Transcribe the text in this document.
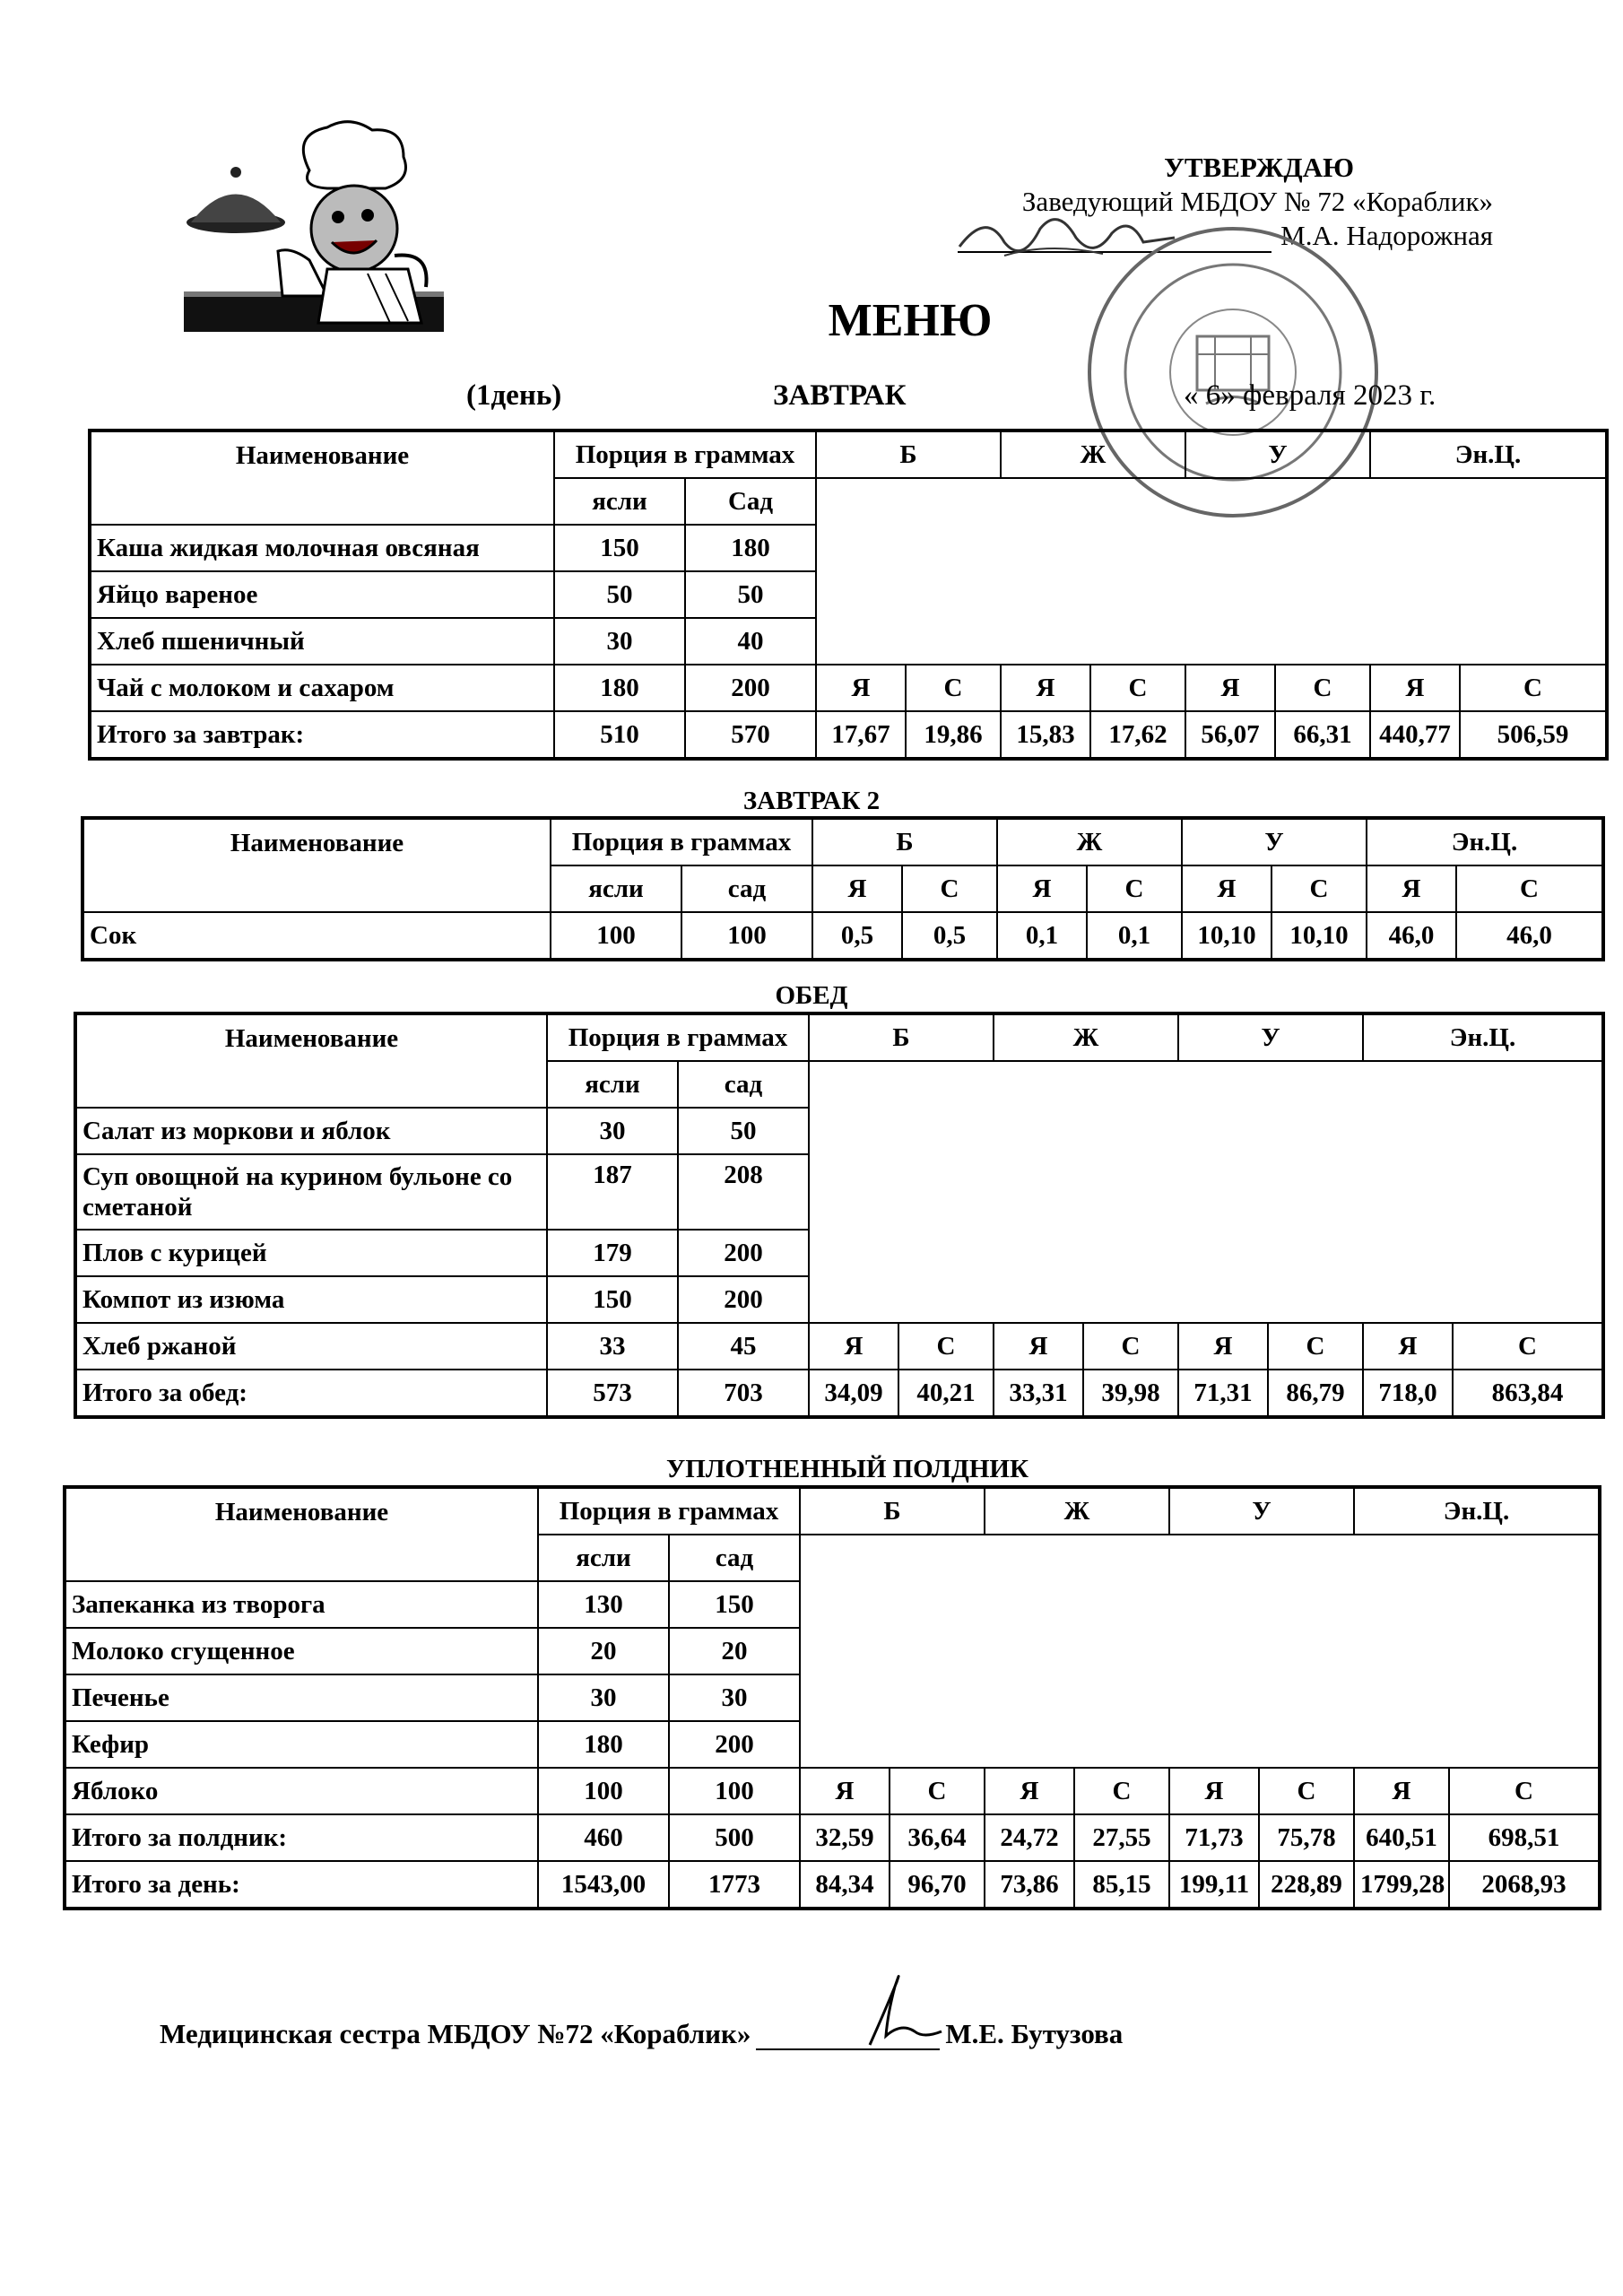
УТВЕРЖДАЮ
Заведующий МБДОУ № 72 «Кораблик»
М.А. Надорожная
МЕНЮ
(1день)	ЗАВТРАК	« 6» февраля 2023 г.
Наименование	Порция в граммах		Б		Ж		У		Эн.Ц.	
	ясли	Сад								
Каша жидкая молочная овсяная	150	180								
Яйцо вареное	50	50								
Хлеб пшеничный	30	40								
Чай с молоком и сахаром	180	200	Я	С	Я	С	Я	С	Я	С
Итого за завтрак:	510	570	17,67	19,86	15,83	17,62	56,07	66,31	440,77	506,59
ЗАВТРАК 2
Наименование	Порция в граммах		Б		Ж		У		Эн.Ц.	
	ясли	сад	Я	С	Я	С	Я	С	Я	С
Сок	100	100	0,5	0,5	0,1	0,1	10,10	10,10	46,0	46,0
ОБЕД
Наименование	Порция в граммах		Б		Ж		У		Эн.Ц.	
	ясли	сад								
Салат из моркови и яблок	30	50								
Суп овощной на курином бульоне со сметаной	187	208								
Плов с курицей	179	200								
Компот из изюма	150	200								
Хлеб ржаной	33	45	Я	С	Я	С	Я	С	Я	С
Итого за обед:	573	703	34,09	40,21	33,31	39,98	71,31	86,79	718,0	863,84
УПЛОТНЕННЫЙ ПОЛДНИК
Наименование	Порция в граммах		Б		Ж		У		Эн.Ц.	
	ясли	сад								
Запеканка из творога	130	150								
Молоко сгущенное	20	20								
Печенье	30	30								
Кефир	180	200								
Яблоко	100	100	Я	С	Я	С	Я	С	Я	С
Итого за полдник:	460	500	32,59	36,64	24,72	27,55	71,73	75,78	640,51	698,51
Итого за день:	1543,00	1773	84,34	96,70	73,86	85,15	199,11	228,89	1799,28	2068,93
Медицинская сестра МБДОУ №72 «Кораблик»	М.Е. Бутузова
